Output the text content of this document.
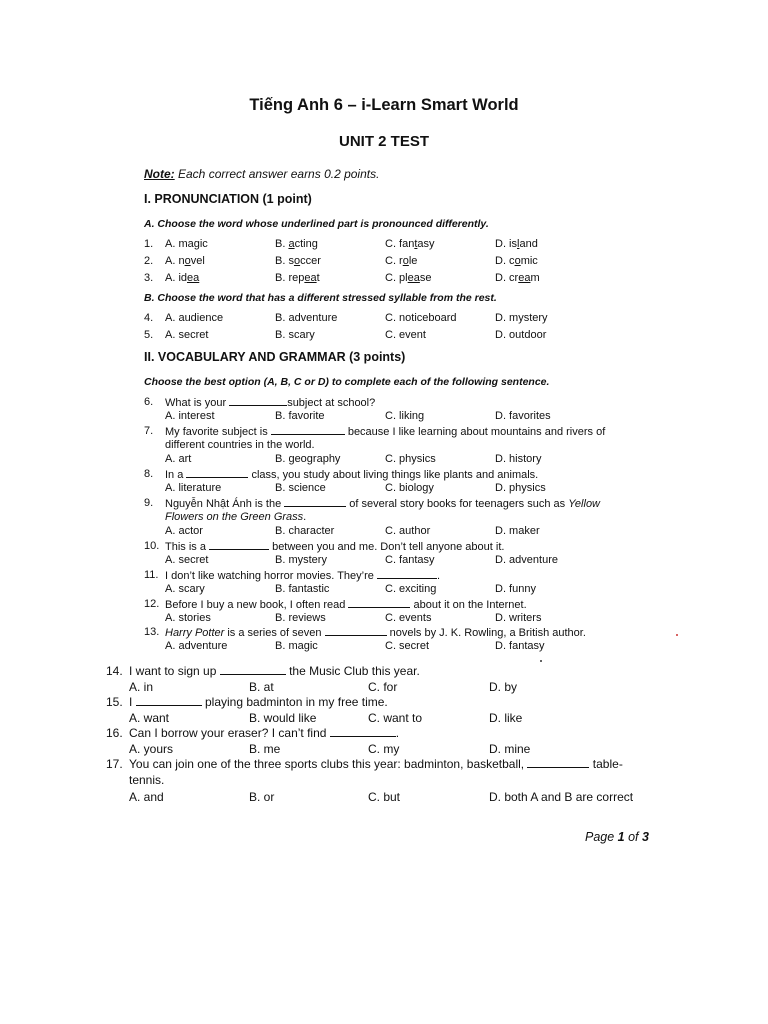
Tiếng Anh 6 – i-Learn Smart World
UNIT 2 TEST
Note: Each correct answer earns 0.2 points.
I. PRONUNCIATION (1 point)
A. Choose the word whose underlined part is pronounced differently.
1. A. magic	B. acting	C. fantasy	D. island
2. A. novel	B. soccer	C. role	D. comic
3. A. idea	B. repeat	C. please	D. cream
B. Choose the word that has a different stressed syllable from the rest.
4. A. audience	B. adventure	C. noticeboard	D. mystery
5. A. secret	B. scary	C. event	D. outdoor
II. VOCABULARY AND GRAMMAR (3 points)
Choose the best option (A, B, C or D) to complete each of the following sentence.
6. What is your	subject at school?
A. interest	B. favorite	C. liking	D. favorites
7. My favorite subject is	because I like learning about mountains and rivers of
different countries in the world.
A. art	B. geography	C. physics	D. history
8. In a	class, you study about living things like plants and animals.
A. literature	B. science	C. biology	D. physics
9. Nguyễn Nhật Ánh is the	of several story books for teenagers such as Yellow
Flowers on the Green Grass.
A. actor	B. character	C. author	D. maker
10. This is a	between you and me. Don’t tell anyone about it.
A. secret	B. mystery	C. fantasy	D. adventure
11. I don’t like watching horror movies. They’re	.
A. scary	B. fantastic	C. exciting	D. funny
12. Before I buy a new book, I often read	about it on the Internet.
A. stories	B. reviews	C. events	D. writers
13. Harry Potter is a series of seven	novels by J. K. Rowling, a British author.
A. adventure	B. magic	C. secret	D. fantasy
14. I want to sign up	the Music Club this year.
A. in	B. at	C. for	D. by
15. I	playing badminton in my free time.
A. want	B. would like	C. want to	D. like
16. Can I borrow your eraser? I can’t find	.
A. yours	B. me	C. my	D. mine
17. You can join one of the three sports clubs this year: badminton, basketball,	table-
tennis.
A. and	B. or	C. but	D. both A and B are correct
Page 1 of 3
